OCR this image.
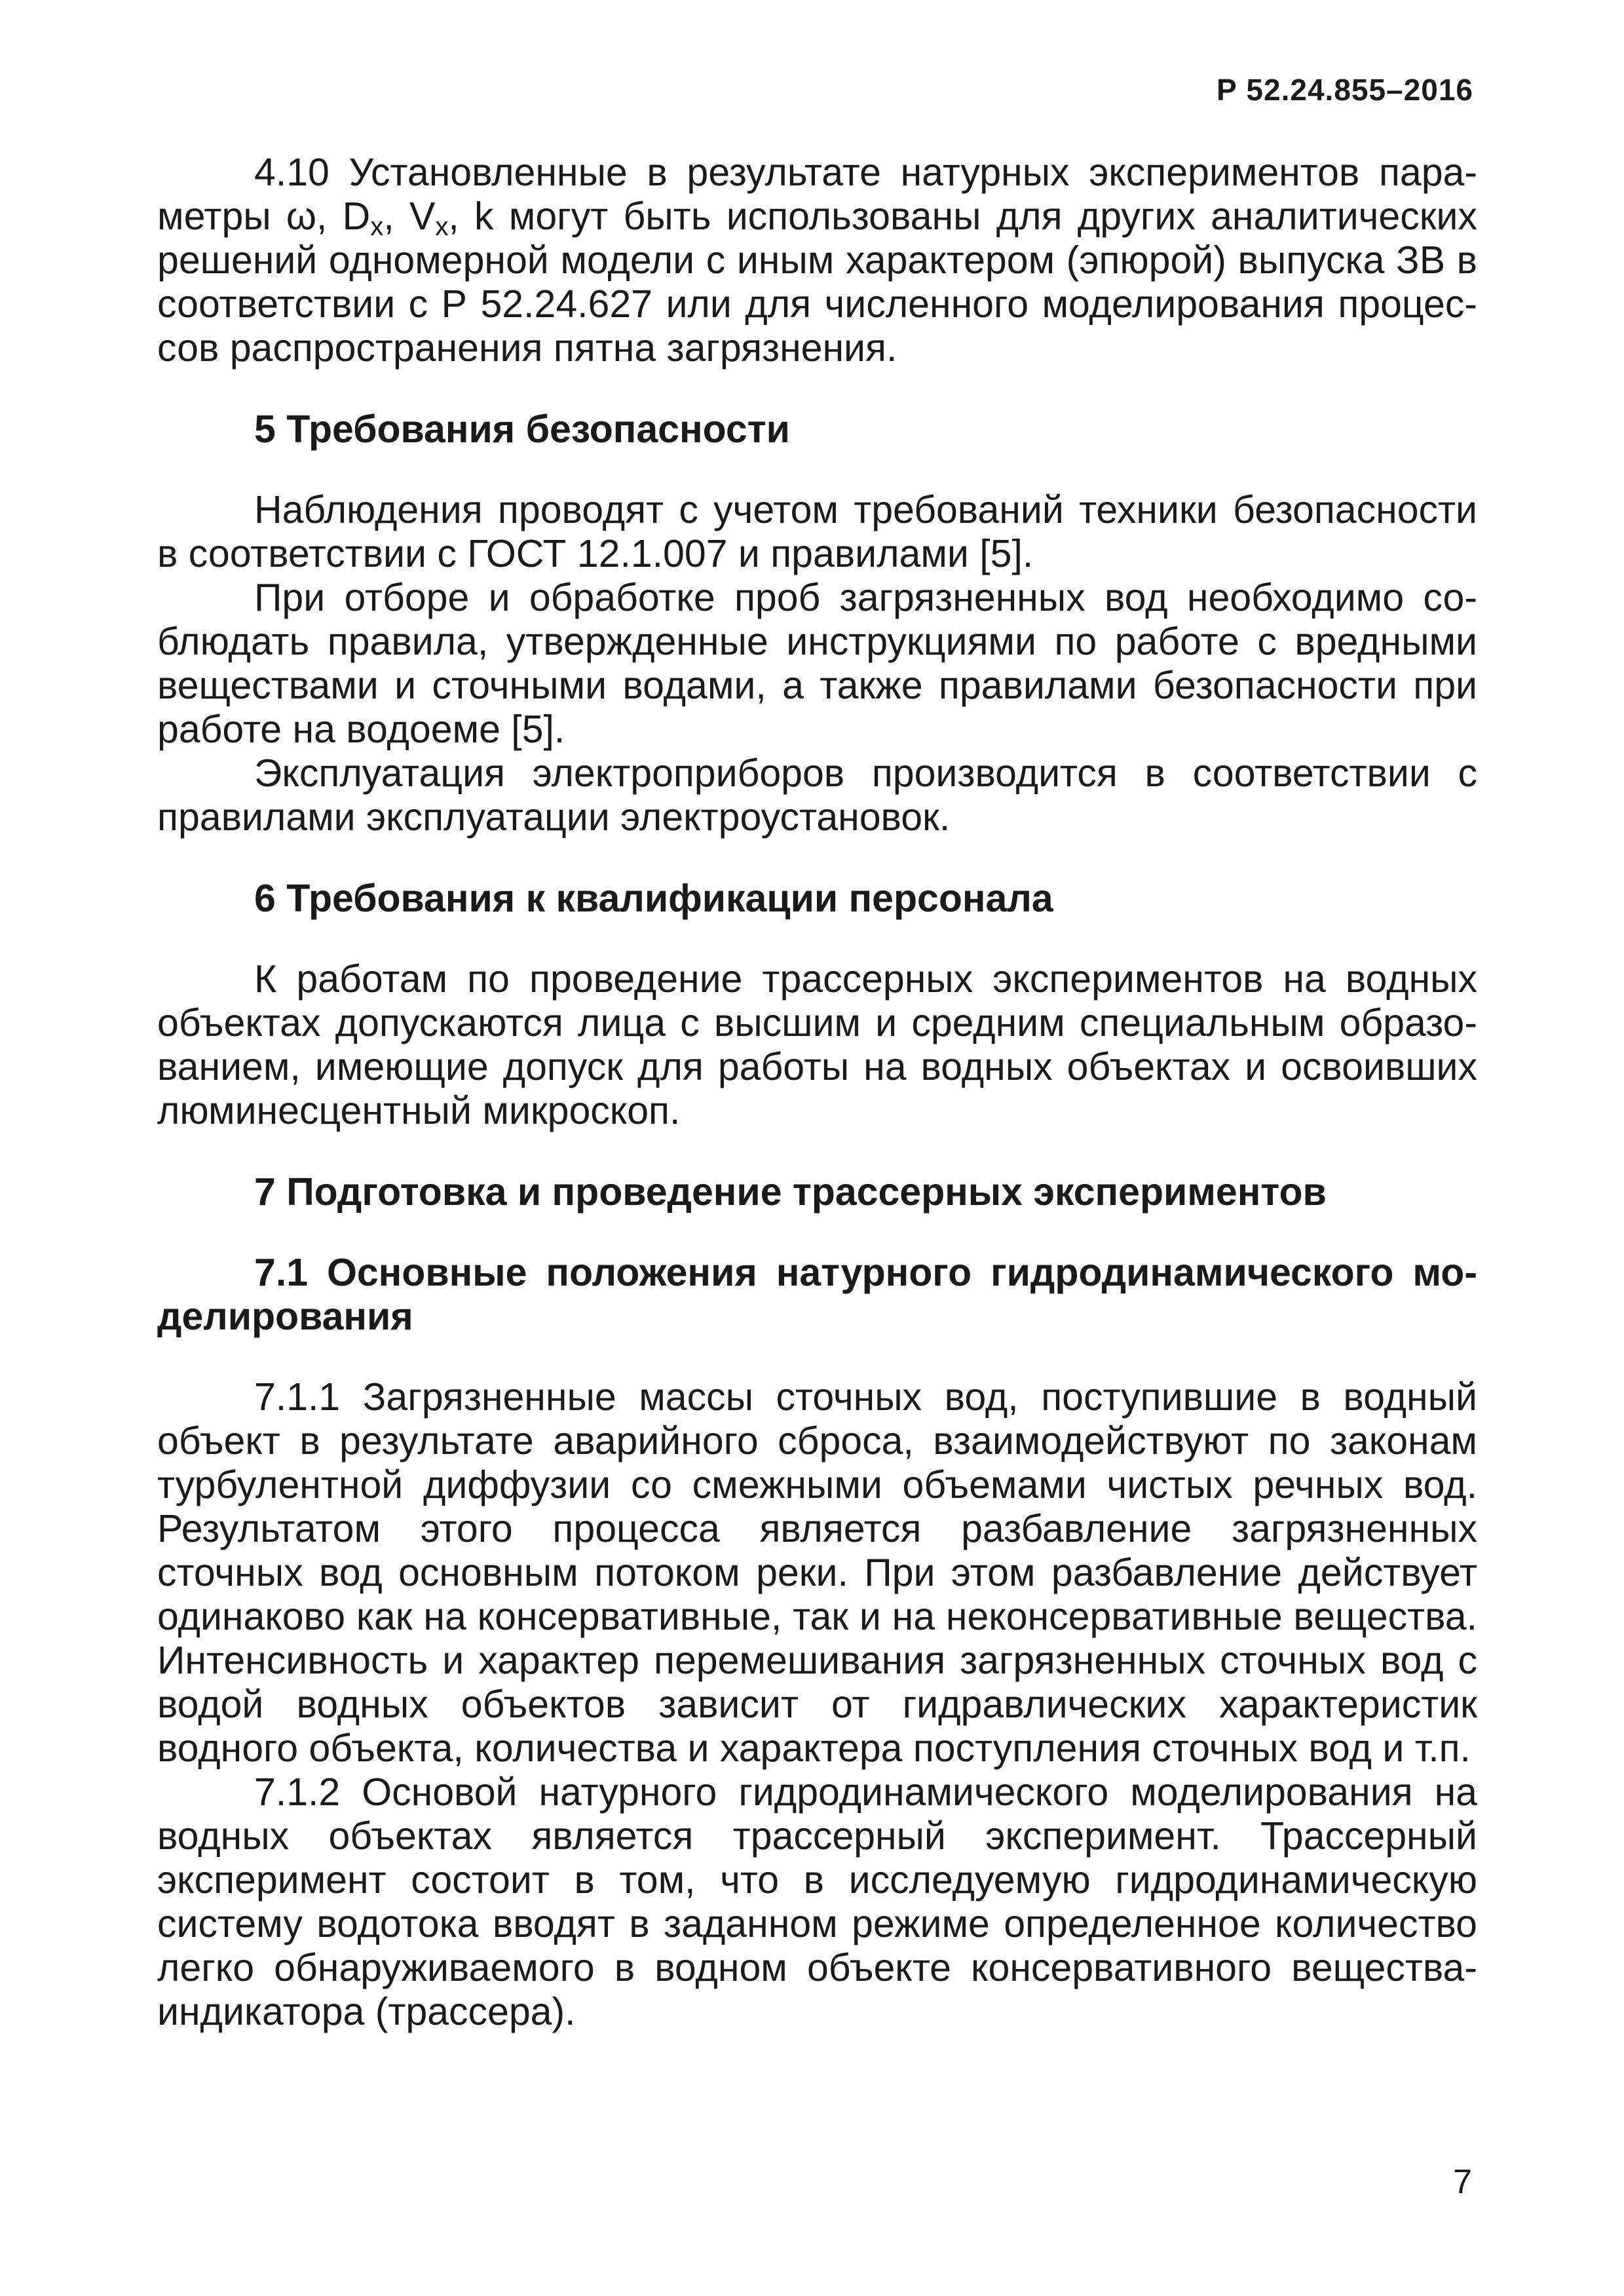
Р 52.24.855–2016

4.10 Установленные в результате натурных экспериментов параметры ω, $D_x$, $V_x$, k могут быть использованы для других аналитических решений одномерной модели с иным характером (эпюрой) выпуска ЗВ в соответствии с Р 52.24.627 или для численного моделирования процессов распространения пятна загрязнения.

5 Требования безопасности

Наблюдения проводят с учетом требований техники безопасности в соответствии с ГОСТ 12.1.007 и правилами [5].

При отборе и обработке проб загрязненных вод необходимо соблюдать правила, утвержденные инструкциями по работе с вредными веществами и сточными водами, а также правилами безопасности при работе на водоеме [5].

Эксплуатация электроприборов производится в соответствии с правилами эксплуатации электроустановок.

6 Требования к квалификации персонала

К работам по проведение трассерных экспериментов на водных объектах допускаются лица с высшим и средним специальным образованием, имеющие допуск для работы на водных объектах и освоивших люминесцентный микроскоп.

7 Подготовка и проведение трассерных экспериментов
7.1 Основные положения натурного гидродинамического моделирования

7.1.1 Загрязненные массы сточных вод, поступившие в водный объект в результате аварийного сброса, взаимодействуют по законам турбулентной диффузии со смежными объемами чистых речных вод. Результатом этого процесса является разбавление загрязненных сточных вод основным потоком реки. При этом разбавление действует одинаково как на консервативные, так и на неконсервативные вещества. Интенсивность и характер перемешивания загрязненных сточных вод с водой водных объектов зависит от гидравлических характеристик водного объекта, количества и характера поступления сточных вод и т.п.

7.1.2 Основой натурного гидродинамического моделирования на водных объектах является трассерный эксперимент. Трассерный эксперимент состоит в том, что в исследуемую гидродинамическую систему водотока вводят в заданном режиме определенное количество легко обнаруживаемого в водном объекте консервативного вещества-индикатора (трассера).

7
